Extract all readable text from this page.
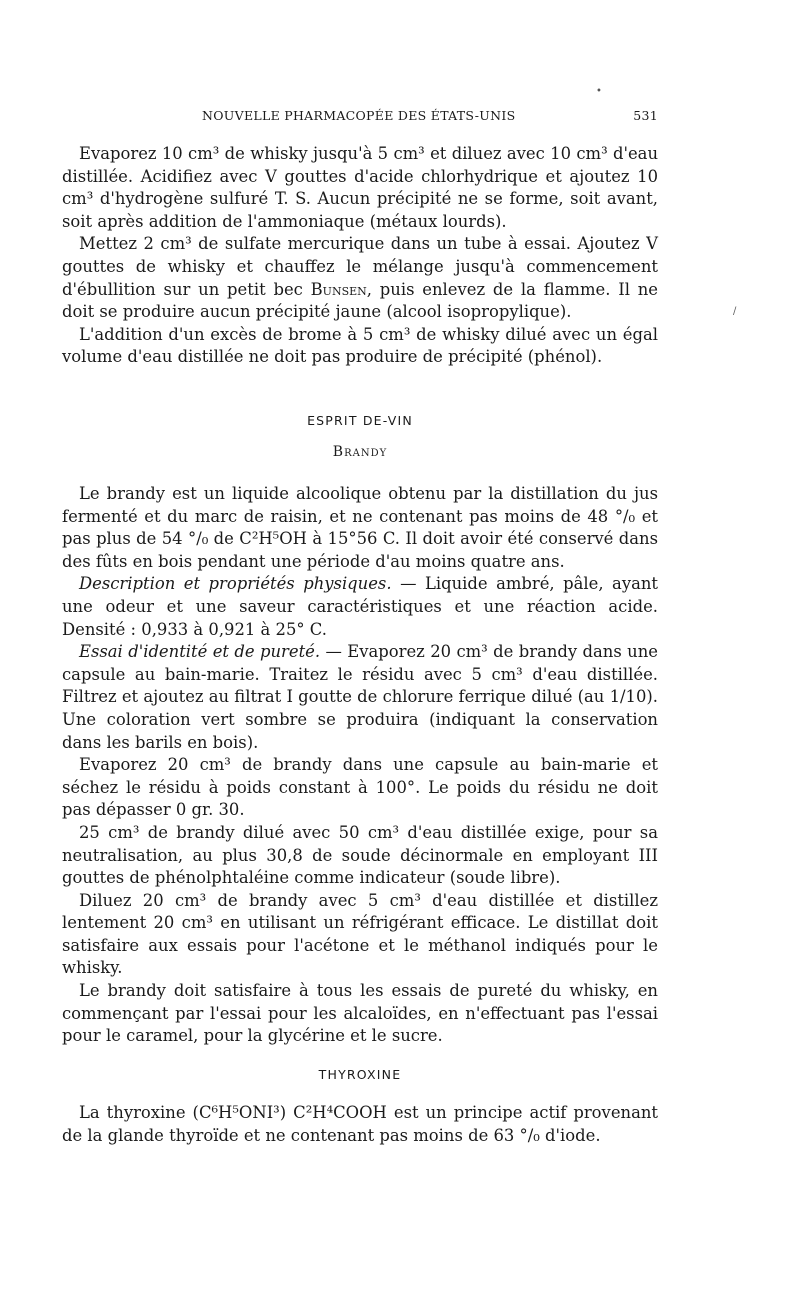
•
/
NOUVELLE PHARMACOPÉE DES ÉTATS-UNIS	531

Evaporez 10 cm³ de whisky jusqu'à 5 cm³ et diluez avec 10 cm³ d'eau distillée. Acidifiez avec V gouttes d'acide chlorhydrique et ajoutez 10 cm³ d'hydrogène sulfuré T. S. Aucun précipité ne se forme, soit avant, soit après addition de l'ammoniaque (métaux lourds).

Mettez 2 cm³ de sulfate mercurique dans un tube à essai. Ajoutez V gouttes de whisky et chauffez le mélange jusqu'à commencement d'ébullition sur un petit bec Bunsen, puis enlevez de la flamme. Il ne doit se produire aucun précipité jaune (alcool isopropylique).

L'addition d'un excès de brome à 5 cm³ de whisky dilué avec un égal volume d'eau distillée ne doit pas produire de précipité (phénol).

ESPRIT DE-VIN
Brandy

Le brandy est un liquide alcoolique obtenu par la distillation du jus fermenté et du marc de raisin, et ne contenant pas moins de 48 °/₀ et pas plus de 54 °/₀ de C²H⁵OH à 15°56 C. Il doit avoir été conservé dans des fûts en bois pendant une période d'au moins quatre ans.

Description et propriétés physiques. — Liquide ambré, pâle, ayant une odeur et une saveur caractéristiques et une réaction acide. Densité : 0,933 à 0,921 à 25° C.

Essai d'identité et de pureté. — Evaporez 20 cm³ de brandy dans une capsule au bain-marie. Traitez le résidu avec 5 cm³ d'eau distillée. Filtrez et ajoutez au filtrat I goutte de chlorure ferrique dilué (au 1/10). Une coloration vert sombre se produira (indiquant la conservation dans les barils en bois).

Evaporez 20 cm³ de brandy dans une capsule au bain-marie et séchez le résidu à poids constant à 100°. Le poids du résidu ne doit pas dépasser 0 gr. 30.

25 cm³ de brandy dilué avec 50 cm³ d'eau distillée exige, pour sa neutralisation, au plus 30,8 de soude décinormale en employant III gouttes de phénolphtaléine comme indicateur (soude libre).

Diluez 20 cm³ de brandy avec 5 cm³ d'eau distillée et distillez lentement 20 cm³ en utilisant un réfrigérant efficace. Le distillat doit satisfaire aux essais pour l'acétone et le méthanol indiqués pour le whisky.

Le brandy doit satisfaire à tous les essais de pureté du whisky, en commençant par l'essai pour les alcaloïdes, en n'effectuant pas l'essai pour le caramel, pour la glycérine et le sucre.

THYROXINE

La thyroxine (C⁶H⁵ONI³) C²H⁴COOH est un principe actif provenant de la glande thyroïde et ne contenant pas moins de 63 °/₀ d'iode.
